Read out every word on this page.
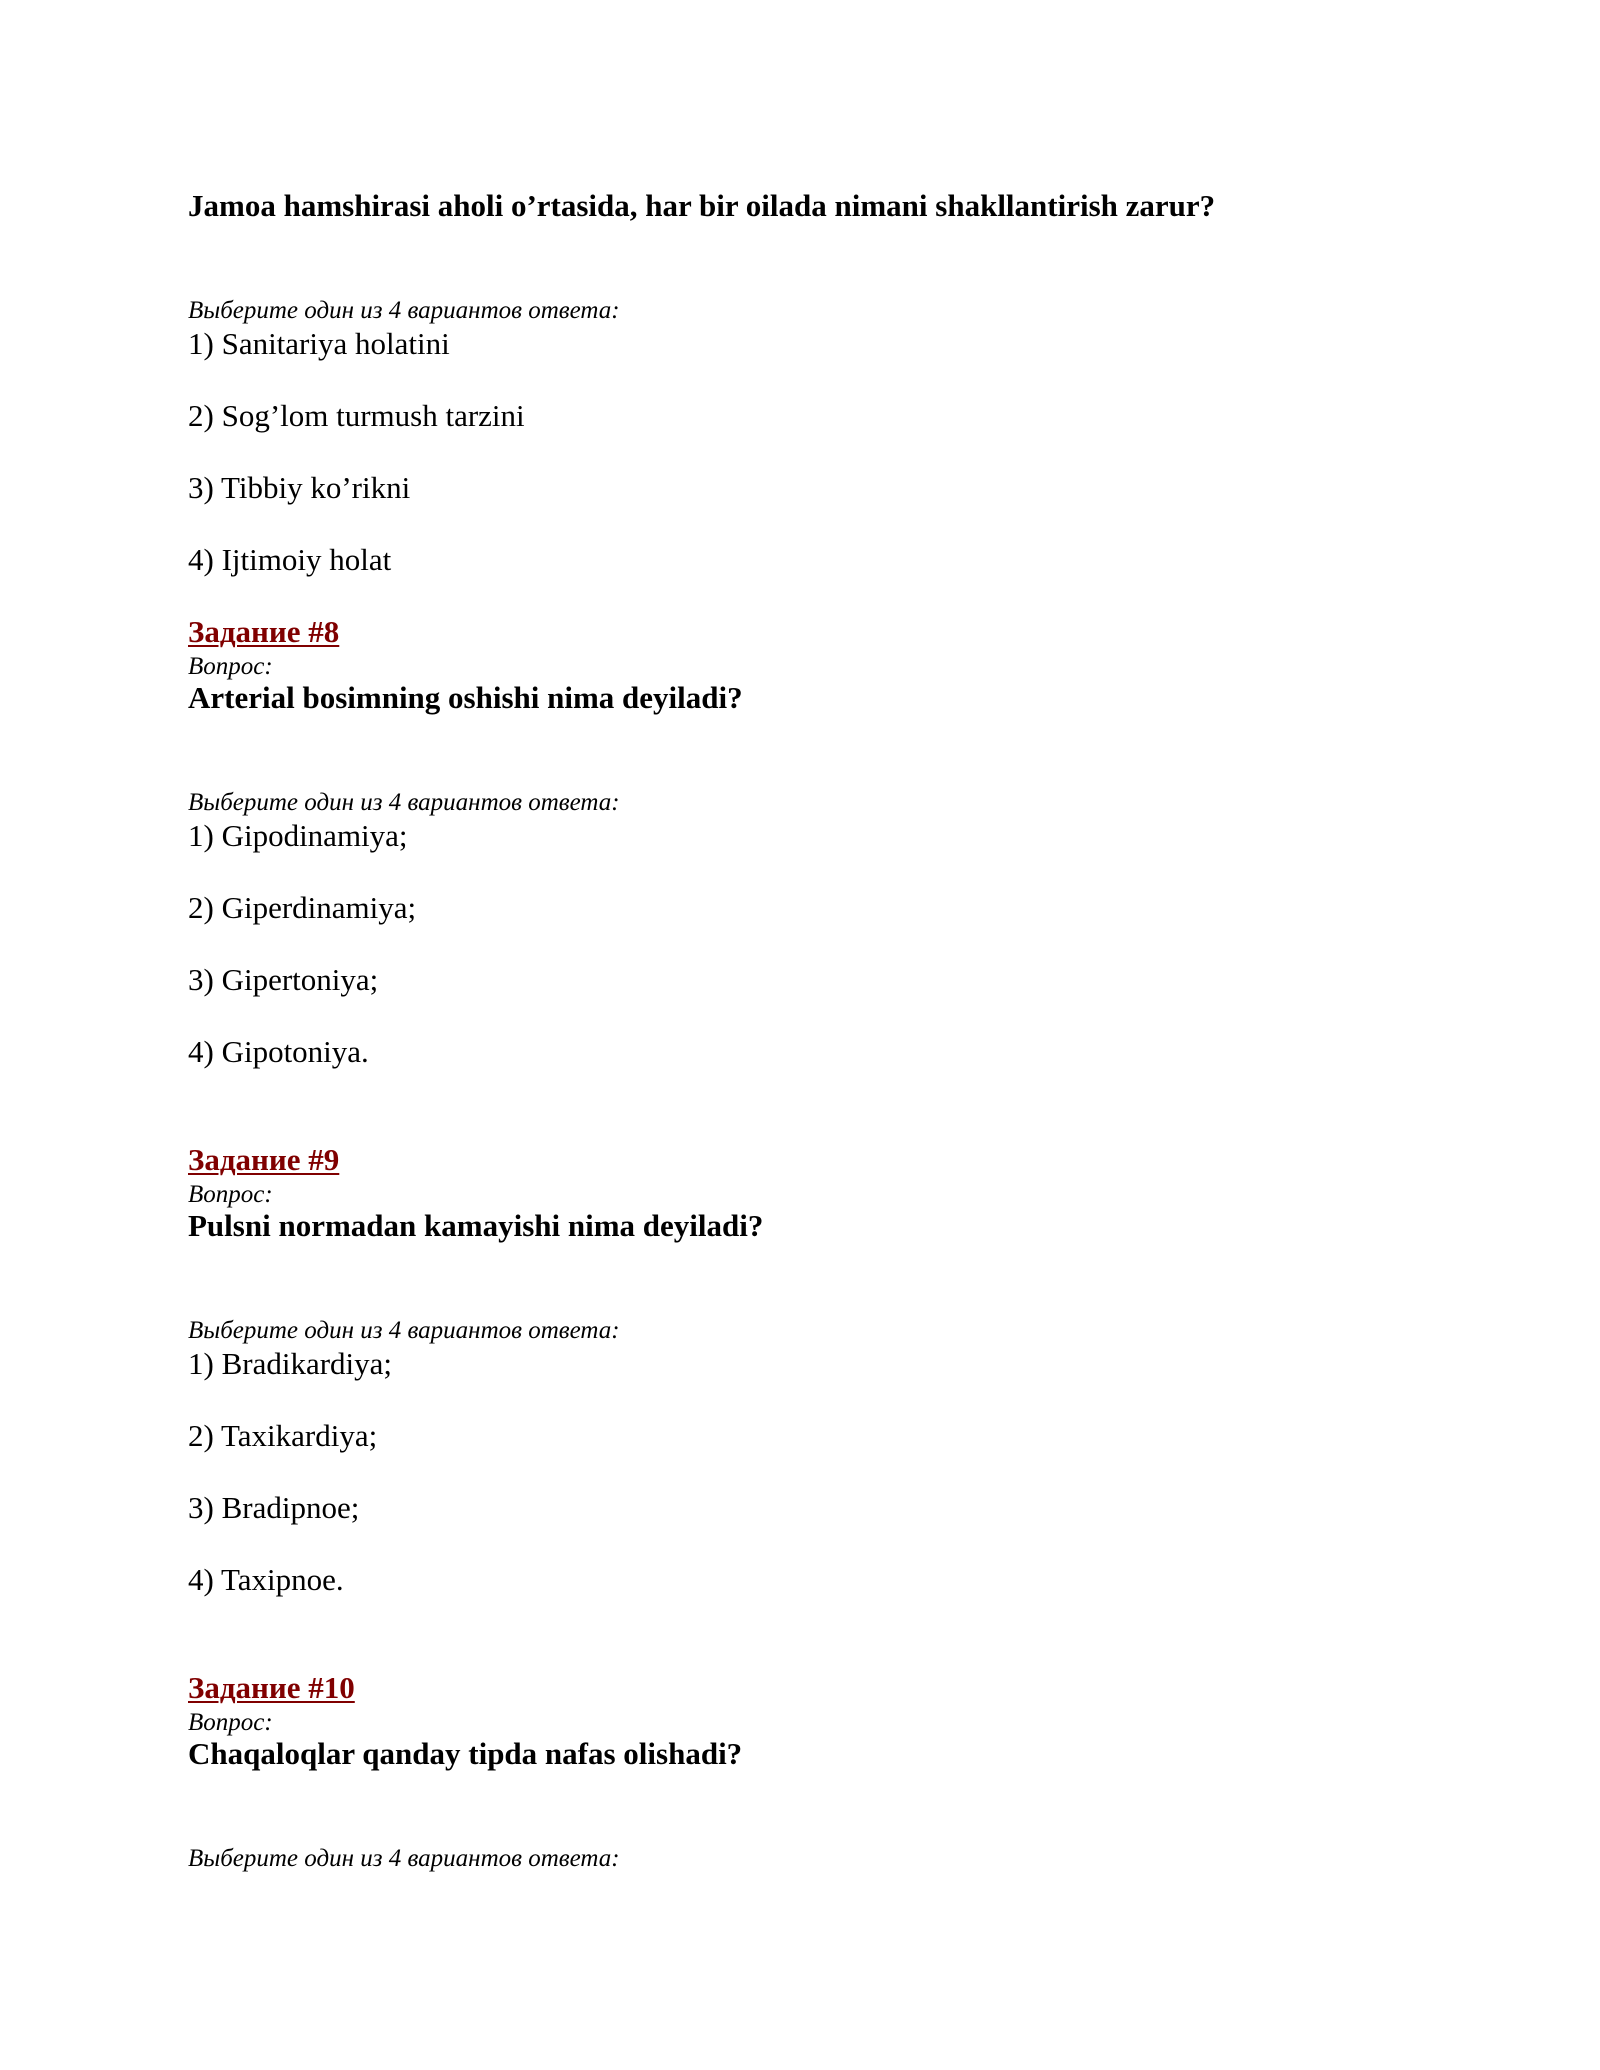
Jamoa hamshirasi aholi o’rtasida, har bir oilada nimani shakllantirish zarur?
Выберите один из 4 вариантов ответа:
1) Sanitariya holatini
2) Sog’lom turmush tarzini
3) Tibbiy ko’rikni
4) Ijtimoiy holat
Задание #8
Вопрос:
Arterial bosimning oshishi nima deyiladi?
Выберите один из 4 вариантов ответа:
1) Gipodinamiya;
2) Giperdinamiya;
3) Gipertoniya;
4) Gipotoniya.
Задание #9
Вопрос:
Pulsni normadan kamayishi nima deyiladi?
Выберите один из 4 вариантов ответа:
1) Bradikardiya;
2) Taxikardiya;
3) Bradipnoe;
4) Taxipnoe.
Задание #10
Вопрос:
Chaqaloqlar qanday tipda nafas olishadi?
Выберите один из 4 вариантов ответа:
